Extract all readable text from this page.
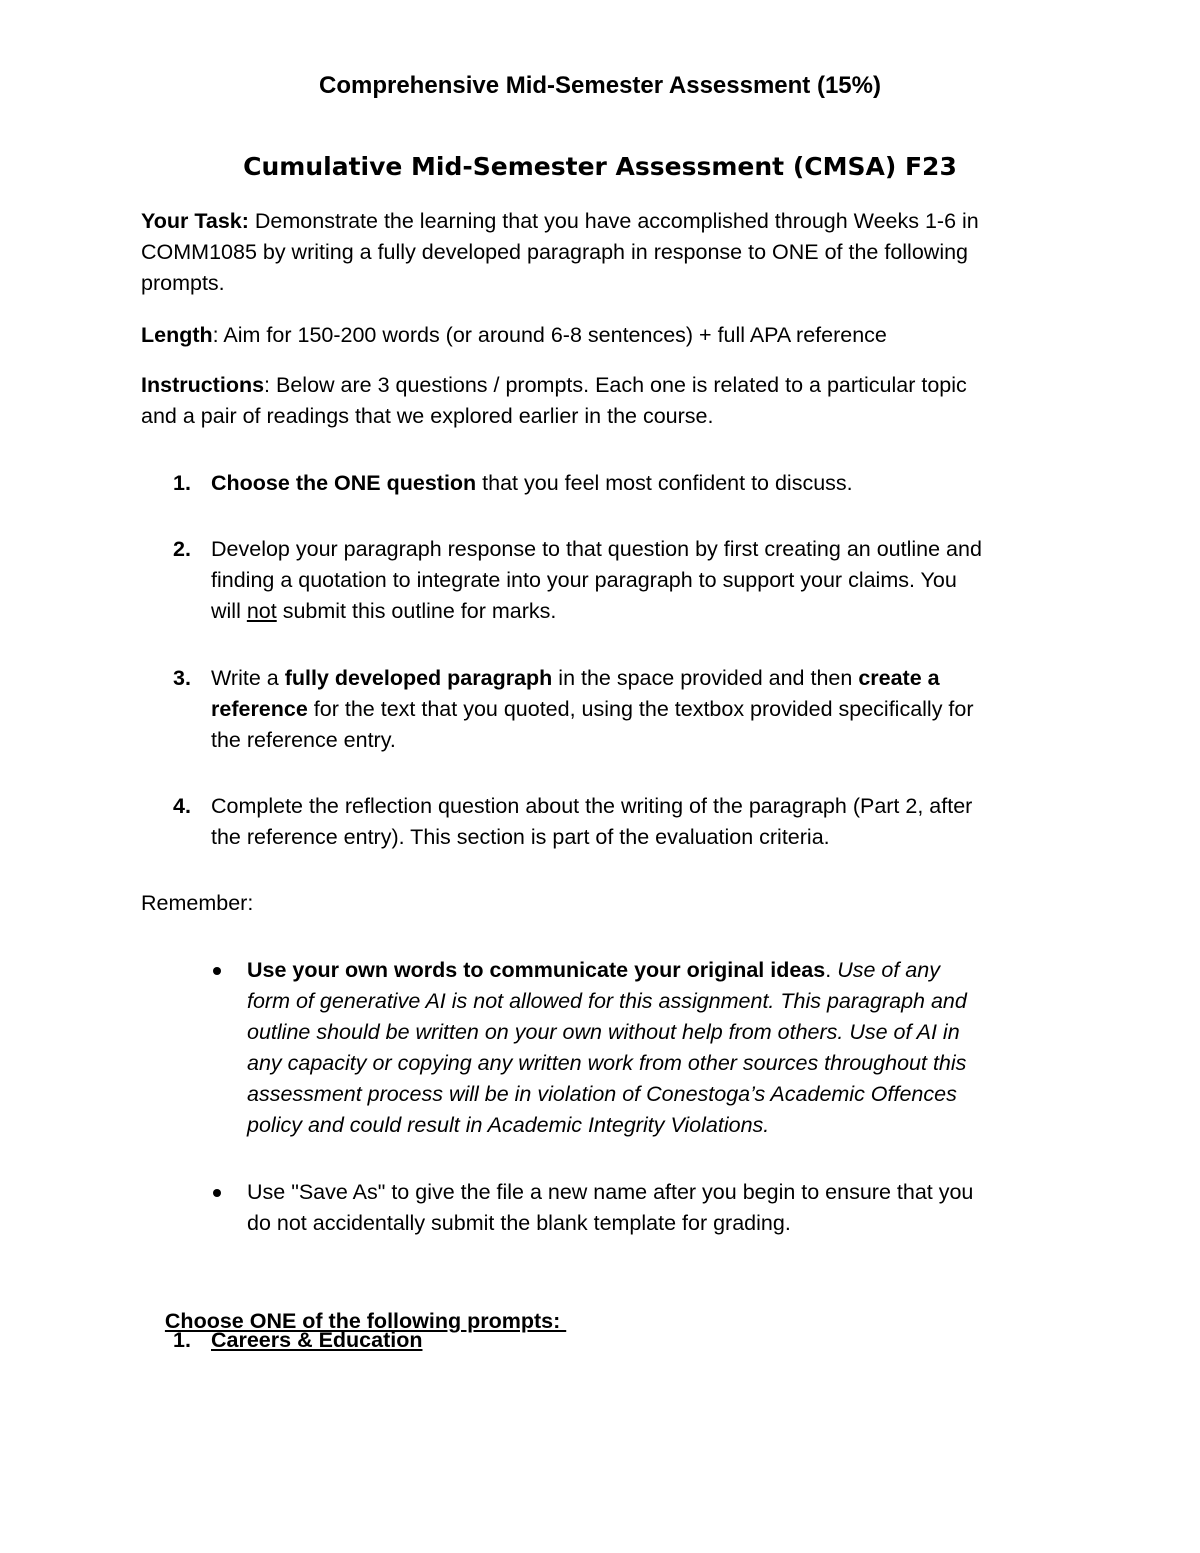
Comprehensive Mid-Semester Assessment (15%)
Cumulative Mid-Semester Assessment (CMSA) F23
Your Task: Demonstrate the learning that you have accomplished through Weeks 1-6 in
COMM1085 by writing a fully developed paragraph in response to ONE of the following
prompts.
Length: Aim for 150-200 words (or around 6-8 sentences) + full APA reference
Instructions: Below are 3 questions / prompts. Each one is related to a particular topic
and a pair of readings that we explored earlier in the course.
1. Choose the ONE question that you feel most confident to discuss.
2. Develop your paragraph response to that question by first creating an outline and
finding a quotation to integrate into your paragraph to support your claims. You
will not submit this outline for marks.
3. Write a fully developed paragraph in the space provided and then create a
reference for the text that you quoted, using the textbox provided specifically for
the reference entry.
4. Complete the reflection question about the writing of the paragraph (Part 2, after
the reference entry). This section is part of the evaluation criteria.
Remember:
Use your own words to communicate your original ideas. Use of any
form of generative AI is not allowed for this assignment. This paragraph and
outline should be written on your own without help from others. Use of AI in
any capacity or copying any written work from other sources throughout this
assessment process will be in violation of Conestoga’s Academic Offences
policy and could result in Academic Integrity Violations.
Use "Save As" to give the file a new name after you begin to ensure that you
do not accidentally submit the blank template for grading.

Choose ONE of the following prompts:

1. Careers & Education
